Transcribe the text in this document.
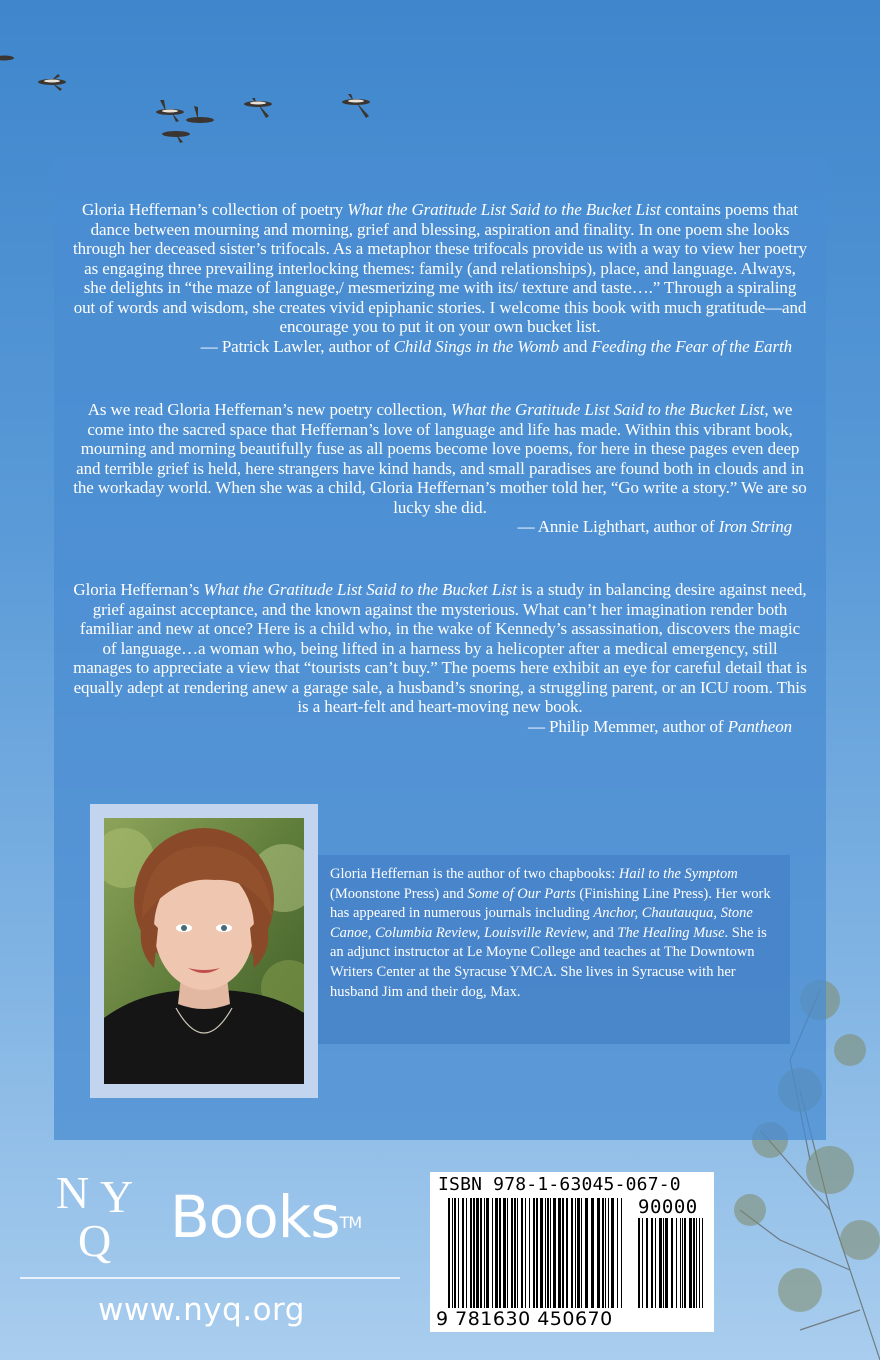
Gloria Heffernan’s collection of poetry What the Gratitude List Said to the Bucket List contains poems that dance between mourning and morning, grief and blessing, aspiration and finality. In one poem she looks through her deceased sister’s trifocals. As a metaphor these trifocals provide us with a way to view her poetry as engaging three prevailing interlocking themes: family (and relationships), place, and language. Always, she delights in “the maze of language,/ mesmerizing me with its/ texture and taste….” Through a spiraling out of words and wisdom, she creates vivid epiphanic stories. I welcome this book with much gratitude—and encourage you to put it on your own bucket list.

— Patrick Lawler, author of Child Sings in the Womb and Feeding the Fear of the Earth

As we read Gloria Heffernan’s new poetry collection, What the Gratitude List Said to the Bucket List, we come into the sacred space that Heffernan’s love of language and life has made. Within this vibrant book, mourning and morning beautifully fuse as all poems become love poems, for here in these pages even deep and terrible grief is held, here strangers have kind hands, and small paradises are found both in clouds and in the workaday world. When she was a child, Gloria Heffernan’s mother told her, “Go write a story.” We are so lucky she did.

— Annie Lighthart, author of Iron String

Gloria Heffernan’s What the Gratitude List Said to the Bucket List is a study in balancing desire against need, grief against acceptance, and the known against the mysterious. What can’t her imagination render both familiar and new at once? Here is a child who, in the wake of Kennedy’s assassination, discovers the magic of language…a woman who, being lifted in a harness by a helicopter after a medical emergency, still manages to appreciate a view that “tourists can’t buy.” The poems here exhibit an eye for careful detail that is equally adept at rendering anew a garage sale, a husband’s snoring, a struggling parent, or an ICU room. This is a heart-felt and heart-moving new book.

— Philip Memmer, author of Pantheon

Gloria Heffernan is the author of two chapbooks: Hail to the Symptom (Moonstone Press) and Some of Our Parts (Finishing Line Press). Her work has appeared in numerous journals including Anchor, Chautauqua, Stone Canoe, Columbia Review, Louisville Review, and The Healing Muse. She is an adjunct instructor at Le Moyne College and teaches at The Downtown Writers Center at the Syracuse YMCA. She lives in Syracuse with her husband Jim and their dog, Max.
N Y
Q Books™
www.nyq.org
ISBN 978-1-63045-067-0
90000
9 781630 450670
